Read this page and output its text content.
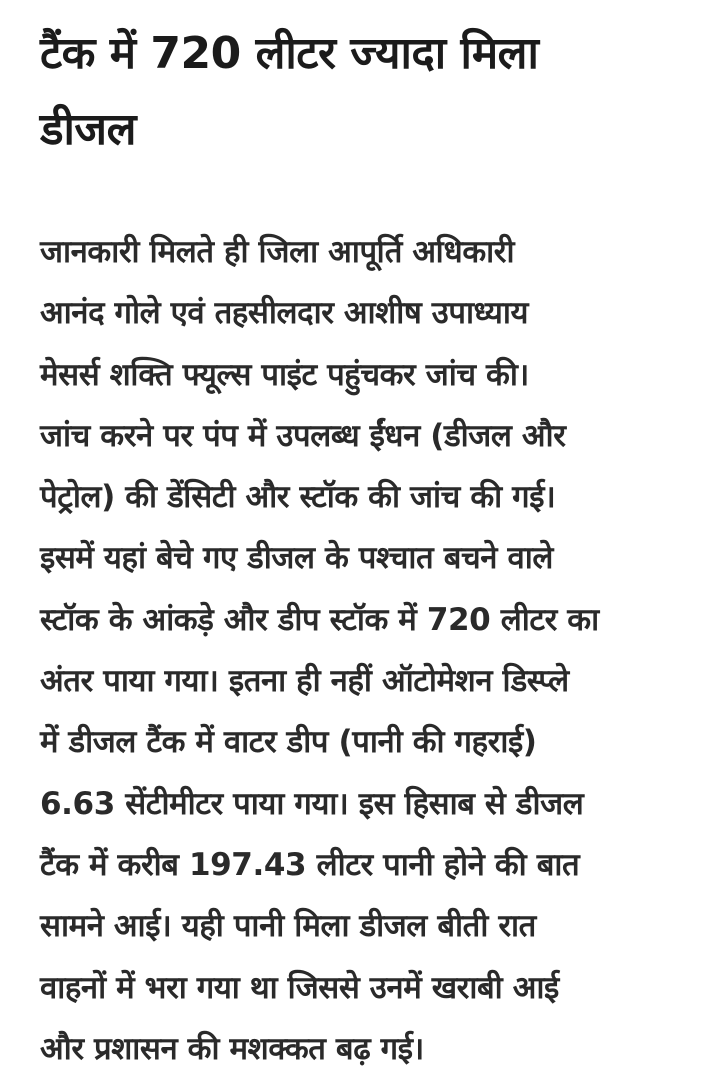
टैंक में 720 लीटर ज्यादा मिला
डीजल

जानकारी मिलते ही जिला आपूर्ति अधिकारी
आनंद गोले एवं तहसीलदार आशीष उपाध्याय
मेसर्स शक्ति फ्यूल्स पाइंट पहुंचकर जांच की।
जांच करने पर पंप में उपलब्ध ईंधन (डीजल और
पेट्रोल) की डेंसिटी और स्टॉक की जांच की गई।
इसमें यहां बेचे गए डीजल के पश्चात बचने वाले
स्टॉक के आंकड़े और डीप स्टॉक में 720 लीटर का
अंतर पाया गया। इतना ही नहीं ऑटोमेशन डिस्प्ले
में डीजल टैंक में वाटर डीप (पानी की गहराई)
6.63 सेंटीमीटर पाया गया। इस हिसाब से डीजल
टैंक में करीब 197.43 लीटर पानी होने की बात
सामने आई। यही पानी मिला डीजल बीती रात
वाहनों में भरा गया था जिससे उनमें खराबी आई
और प्रशासन की मशक्कत बढ़ गई।
